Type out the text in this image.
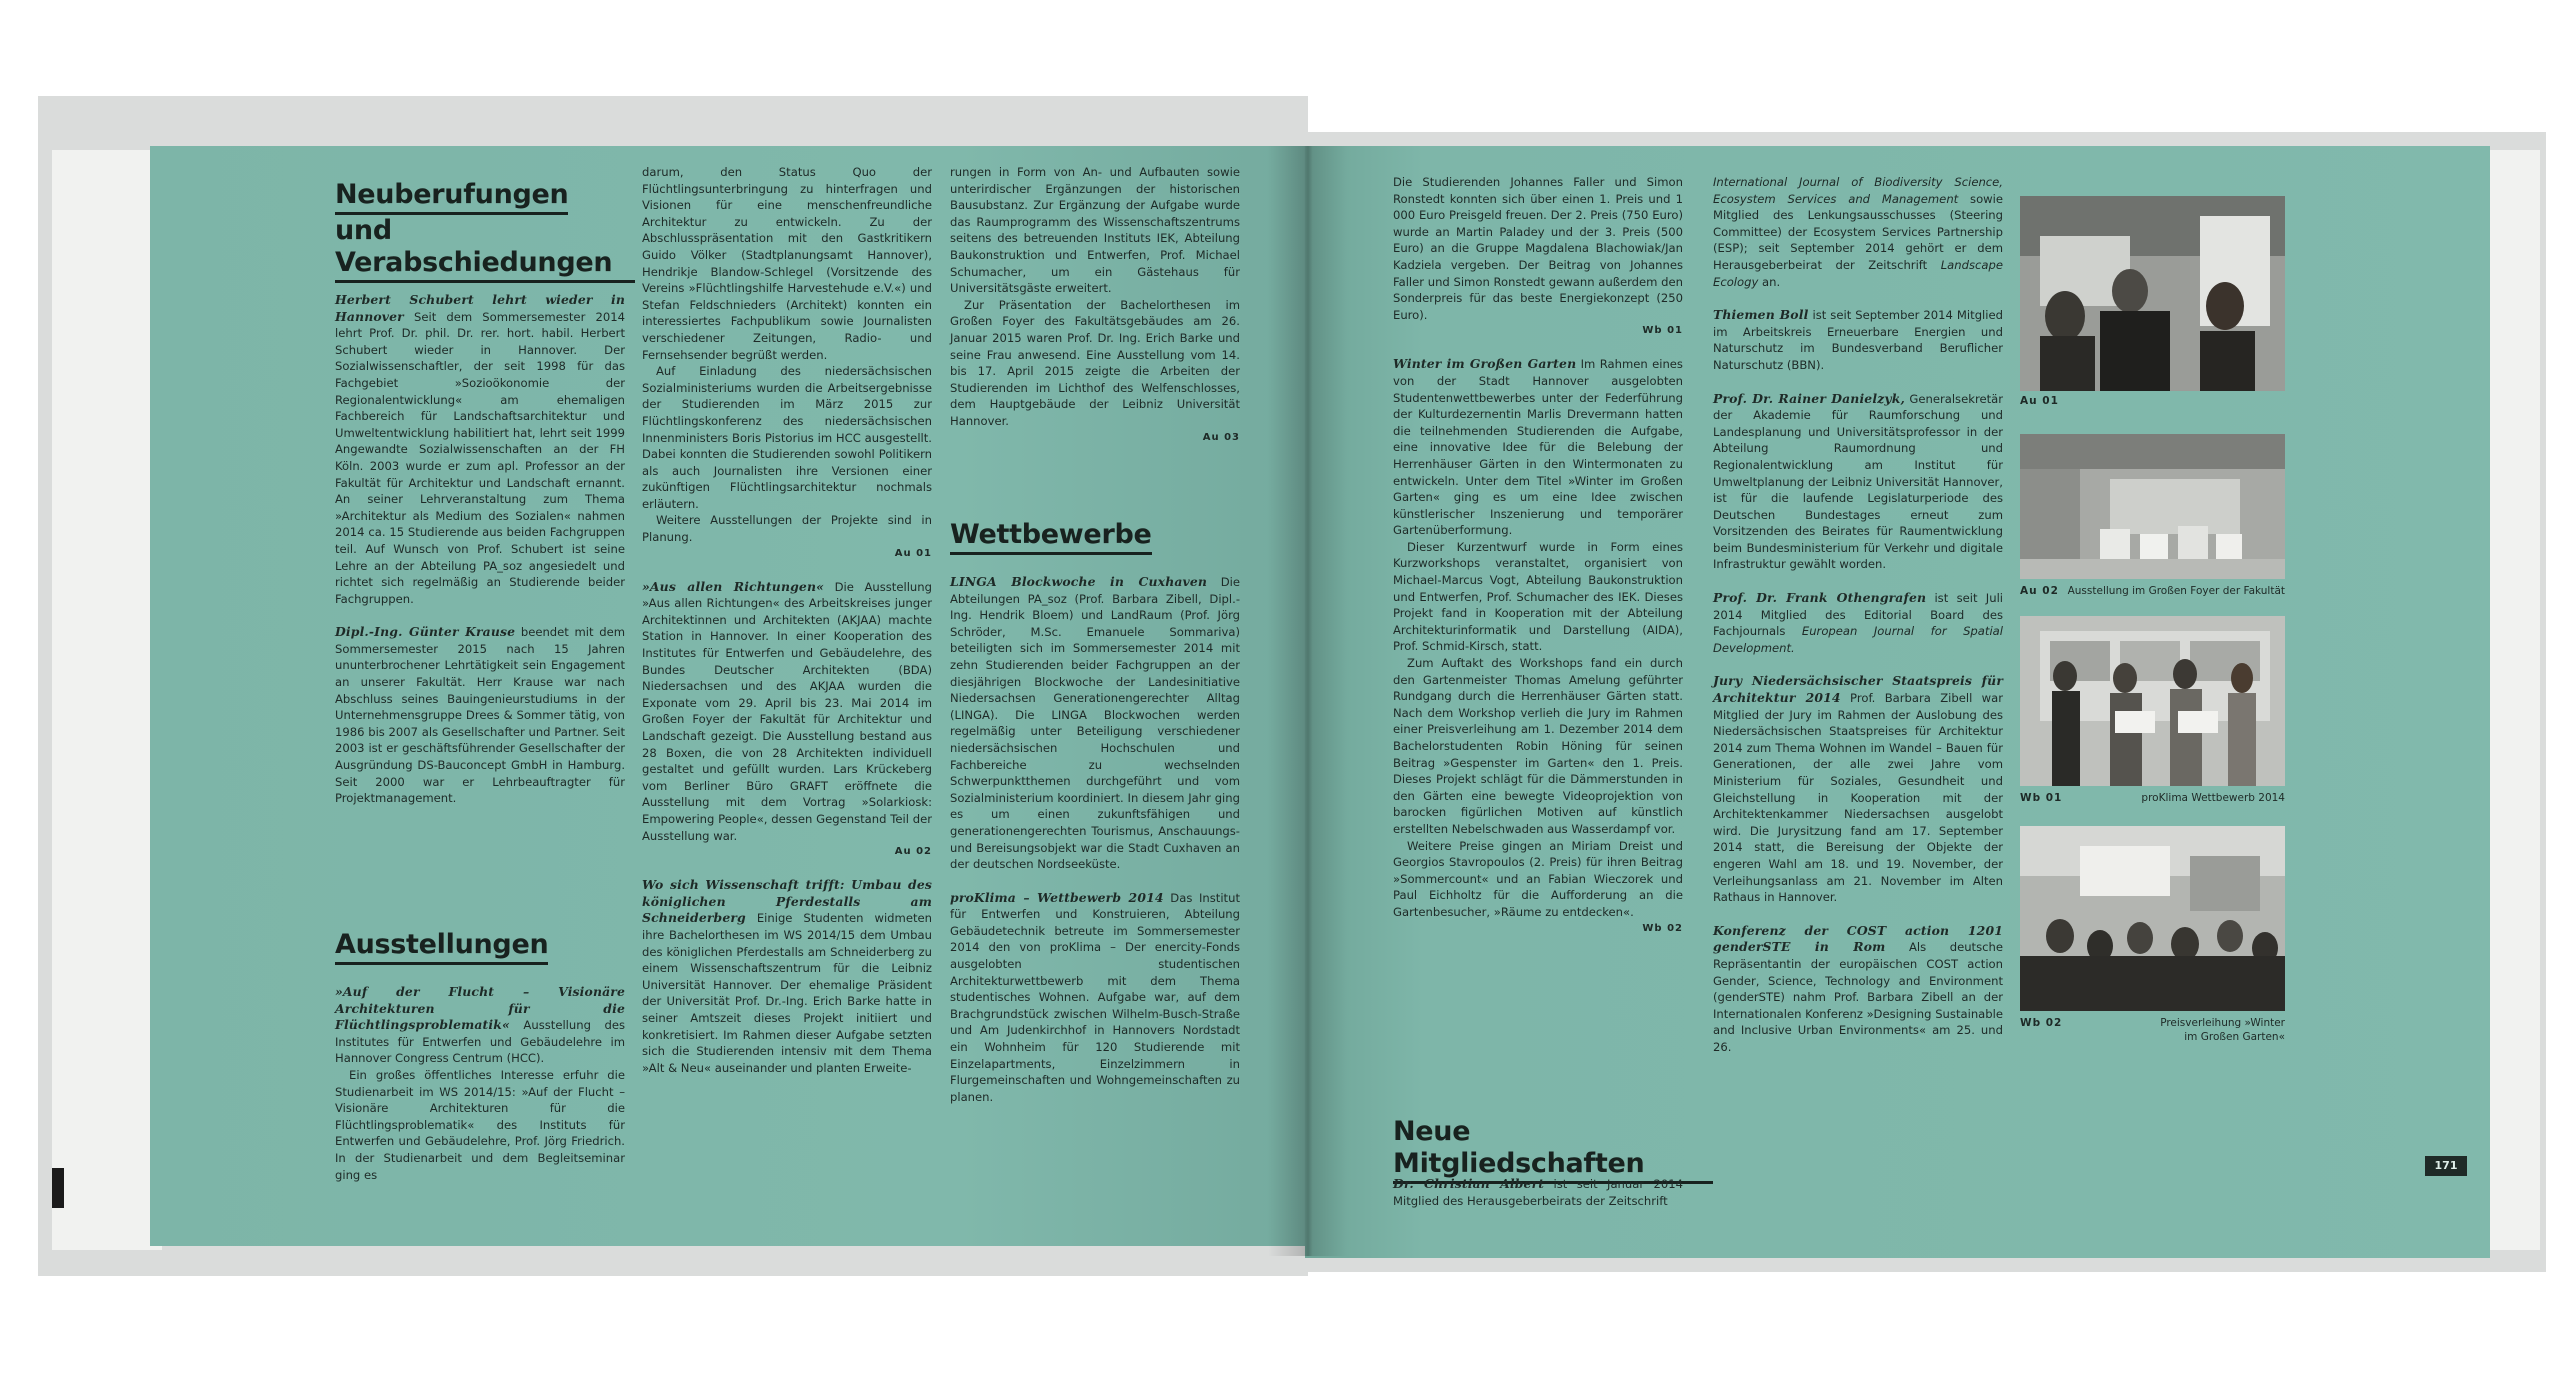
Neuberufungen
und Verabschiedungen

Herbert Schubert lehrt wieder in Hannover Seit dem Sommersemester 2014 lehrt Prof. Dr. phil. Dr. rer. hort. habil. Herbert Schubert wieder in Hannover. Der Sozialwissenschaftler, der seit 1998 für das Fachgebiet »Sozioökonomie der Regionalentwicklung« am ehemaligen Fachbereich für Landschaftsarchitektur und Umweltentwicklung habilitiert hat, lehrt seit 1999 Angewandte Sozialwissenschaften an der FH Köln. 2003 wurde er zum apl. Professor an der Fakultät für Architektur und Landschaft ernannt. An seiner Lehrveranstaltung zum Thema »Architektur als Medium des Sozialen« nahmen 2014 ca. 15 Studierende aus beiden Fachgruppen teil. Auf Wunsch von Prof. Schubert ist seine Lehre an der Abteilung PA_soz angesiedelt und richtet sich regelmäßig an Studierende beider Fachgruppen.

Dipl.-Ing. Günter Krause beendet mit dem Sommersemester 2015 nach 15 Jahren ununterbrochener Lehrtätigkeit sein Engagement an unserer Fakultät. Herr Krause war nach Abschluss seines Bauingenieurstudiums in der Unternehmensgruppe Drees & Sommer tätig, von 1986 bis 2007 als Gesellschafter und Partner. Seit 2003 ist er geschäftsführender Gesellschafter der Ausgründung DS-Bauconcept GmbH in Hamburg. Seit 2000 war er Lehrbeauftragter für Projektmanagement.

Ausstellungen

»Auf der Flucht – Visionäre Architekturen für die Flüchtlingsproblematik« Ausstellung des Institutes für Entwerfen und Gebäudelehre im Hannover Congress Centrum (HCC).

Ein großes öffentliches Interesse erfuhr die Studienarbeit im WS 2014/15: »Auf der Flucht – Visionäre Architekturen für die Flüchtlingsproblematik« des Instituts für Entwerfen und Gebäudelehre, Prof. Jörg Friedrich. In der Studienarbeit und dem Begleitseminar ging es

darum, den Status Quo der Flüchtlingsunterbringung zu hinterfragen und Visionen für eine menschenfreundliche Architektur zu entwickeln. Zu der Abschlusspräsentation mit den Gastkritikern Guido Völker (Stadtplanungsamt Hannover), Hendrikje Blandow-Schlegel (Vorsitzende des Vereins »Flüchtlingshilfe Harvestehude e.V.«) und Stefan Feldschnieders (Architekt) konnten ein interessiertes Fachpublikum sowie Journalisten verschiedener Zeitungen, Radio- und Fernsehsender begrüßt werden.

Auf Einladung des niedersächsischen Sozialministeriums wurden die Arbeitsergebnisse der Studierenden im März 2015 zur Flüchtlingskonferenz des niedersächsischen Innenministers Boris Pistorius im HCC ausgestellt. Dabei konnten die Studierenden sowohl Politikern als auch Journalisten ihre Versionen einer zukünftigen Flüchtlingsarchitektur nochmals erläutern.

Weitere Ausstellungen der Projekte sind in Planung.

Au 01

»Aus allen Richtungen« Die Ausstellung »Aus allen Richtungen« des Arbeitskreises junger Architektinnen und Architekten (AKJAA) machte Station in Hannover. In einer Kooperation des Institutes für Entwerfen und Gebäudelehre, des Bundes Deutscher Architekten (BDA) Niedersachsen und des AKJAA wurden die Exponate vom 29. April bis 23. Mai 2014 im Großen Foyer der Fakultät für Architektur und Landschaft gezeigt. Die Ausstellung bestand aus 28 Boxen, die von 28 Architekten individuell gestaltet und gefüllt wurden. Lars Krückeberg vom Berliner Büro GRAFT eröffnete die Ausstellung mit dem Vortrag »Solarkiosk: Empowering People«, dessen Gegenstand Teil der Ausstellung war.

Au 02

Wo sich Wissenschaft trifft: Umbau des königlichen Pferdestalls am Schneiderberg Einige Studenten widmeten ihre Bachelorthesen im WS 2014/15 dem Umbau des königlichen Pferdestalls am Schneiderberg zu einem Wissenschaftszentrum für die Leibniz Universität Hannover. Der ehemalige Präsident der Universität Prof. Dr.-Ing. Erich Barke hatte in seiner Amtszeit dieses Projekt initiiert und konkretisiert. Im Rahmen dieser Aufgabe setzten sich die Studierenden intensiv mit dem Thema »Alt & Neu« auseinander und planten Erweite-

rungen in Form von An- und Aufbauten sowie unterirdischer Ergänzungen der historischen Bausubstanz. Zur Ergänzung der Aufgabe wurde das Raumprogramm des Wissenschaftszentrums seitens des betreuenden Instituts IEK, Abteilung Baukonstruktion und Entwerfen, Prof. Michael Schumacher, um ein Gästehaus für Universitätsgäste erweitert.

Zur Präsentation der Bachelorthesen im Großen Foyer des Fakultätsgebäudes am 26. Januar 2015 waren Prof. Dr. Ing. Erich Barke und seine Frau anwesend. Eine Ausstellung vom 14. bis 17. April 2015 zeigte die Arbeiten der Studierenden im Lichthof des Welfenschlosses, dem Hauptgebäude der Leibniz Universität Hannover.

Au 03
Wettbewerbe

LINGA Blockwoche in Cuxhaven Die Abteilungen PA_soz (Prof. Barbara Zibell, Dipl.-Ing. Hendrik Bloem) und LandRaum (Prof. Jörg Schröder, M.Sc. Emanuele Sommariva) beteiligten sich im Sommersemester 2014 mit zehn Studierenden beider Fachgruppen an der diesjährigen Blockwoche der Landesinitiative Niedersachsen Generationengerechter Alltag (LINGA). Die LINGA Blockwochen werden regelmäßig unter Beteiligung verschiedener niedersächsischen Hochschulen und Fachbereiche zu wechselnden Schwerpunktthemen durchgeführt und vom Sozialministerium koordiniert. In diesem Jahr ging es um einen zukunftsfähigen und generationengerechten Tourismus, Anschauungs- und Bereisungsobjekt war die Stadt Cuxhaven an der deutschen Nordseeküste.

proKlima – Wettbewerb 2014 Das Institut für Entwerfen und Konstruieren, Abteilung Gebäudetechnik betreute im Sommersemester 2014 den von proKlima – Der enercity-Fonds ausgelobten studentischen Architekturwettbewerb mit dem Thema studentisches Wohnen. Aufgabe war, auf dem Brachgrundstück zwischen Wilhelm-Busch-Straße und Am Judenkirchhof in Hannovers Nordstadt ein Wohnheim für 120 Studierende mit Einzelapartments, Einzelzimmern in Flurgemeinschaften und Wohngemeinschaften zu planen.

Die Studierenden Johannes Faller und Simon Ronstedt konnten sich über einen 1. Preis und 1 000 Euro Preisgeld freuen. Der 2. Preis (750 Euro) wurde an Martin Paladey und der 3. Preis (500 Euro) an die Gruppe Magdalena Blachowiak/Jan Kadziela vergeben. Der Beitrag von Johannes Faller und Simon Ronstedt gewann außerdem den Sonderpreis für das beste Energiekonzept (250 Euro).

Wb 01

Winter im Großen Garten Im Rahmen eines von der Stadt Hannover ausgelobten Studentenwettbewerbes unter der Federführung der Kulturdezernentin Marlis Drevermann hatten die teilnehmenden Studierenden die Aufgabe, eine innovative Idee für die Belebung der Herrenhäuser Gärten in den Wintermonaten zu entwickeln. Unter dem Titel »Winter im Großen Garten« ging es um eine Idee zwischen künstlerischer Inszenierung und temporärer Gartenüberformung.

Dieser Kurzentwurf wurde in Form eines Kurzworkshops veranstaltet, organisiert von Michael-Marcus Vogt, Abteilung Baukonstruktion und Entwerfen, Prof. Schumacher des IEK. Dieses Projekt fand in Kooperation mit der Abteilung Architekturinformatik und Darstellung (AIDA), Prof. Schmid-Kirsch, statt.

Zum Auftakt des Workshops fand ein durch den Gartenmeister Thomas Amelung geführter Rundgang durch die Herrenhäuser Gärten statt. Nach dem Workshop verlieh die Jury im Rahmen einer Preisverleihung am 1. Dezember 2014 dem Bachelorstudenten Robin Höning für seinen Beitrag »Gespenster im Garten« den 1. Preis. Dieses Projekt schlägt für die Dämmerstunden in den Gärten eine bewegte Videoprojektion von barocken figürlichen Motiven auf künstlich erstellten Nebelschwaden aus Wasserdampf vor.

Weitere Preise gingen an Miriam Dreist und Georgios Stavropoulos (2. Preis) für ihren Beitrag »Sommercount« und an Fabian Wieczorek und Paul Eichholtz für die Aufforderung an die Gartenbesucher, »Räume zu entdecken«.

Wb 02
Neue Mitgliedschaften

Dr. Christian Albert ist seit Januar 2014 Mitglied des Herausgeberbeirats der Zeitschrift

International Journal of Biodiversity Science, Ecosystem Services and Management sowie Mitglied des Lenkungsausschusses (Steering Committee) der Ecosystem Services Partnership (ESP); seit September 2014 gehört er dem Herausgeberbeirat der Zeitschrift Landscape Ecology an.

Thiemen Boll ist seit September 2014 Mitglied im Arbeitskreis Erneuerbare Energien und Naturschutz im Bundesverband Beruflicher Naturschutz (BBN).

Prof. Dr. Rainer Danielzyk, Generalsekretär der Akademie für Raumforschung und Landesplanung und Universitätsprofessor in der Abteilung Raumordnung und Regionalentwicklung am Institut für Umweltplanung der Leibniz Universität Hannover, ist für die laufende Legislaturperiode des Deutschen Bundestages erneut zum Vorsitzenden des Beirates für Raumentwicklung beim Bundesministerium für Verkehr und digitale Infrastruktur gewählt worden.

Prof. Dr. Frank Othengrafen ist seit Juli 2014 Mitglied des Editorial Board des Fachjournals European Journal for Spatial Development.

Jury Niedersächsischer Staatspreis für Architektur 2014 Prof. Barbara Zibell war Mitglied der Jury im Rahmen der Auslobung des Niedersächsischen Staatspreises für Architektur 2014 zum Thema Wohnen im Wandel – Bauen für Generationen, der alle zwei Jahre vom Ministerium für Soziales, Gesundheit und Gleichstellung in Kooperation mit der Architektenkammer Niedersachsen ausgelobt wird. Die Jurysitzung fand am 17. September 2014 statt, die Bereisung der Objekte der engeren Wahl am 18. und 19. November, der Verleihungsanlass am 21. November im Alten Rathaus in Hannover.

Konferenz der COST action 1201 genderSTE in Rom Als deutsche Repräsentantin der europäischen COST action Gender, Science, Technology and Environment (genderSTE) nahm Prof. Barbara Zibell an der Internationalen Konferenz »Designing Sustainable and Inclusive Urban Environments« am 25. und 26.

Au 01
Au 02 Ausstellung im Großen Foyer der Fakultät
Wb 01	proKlima Wettbewerb 2014
Wb 02	Preisverleihung »Winter im Großen Garten«
171
